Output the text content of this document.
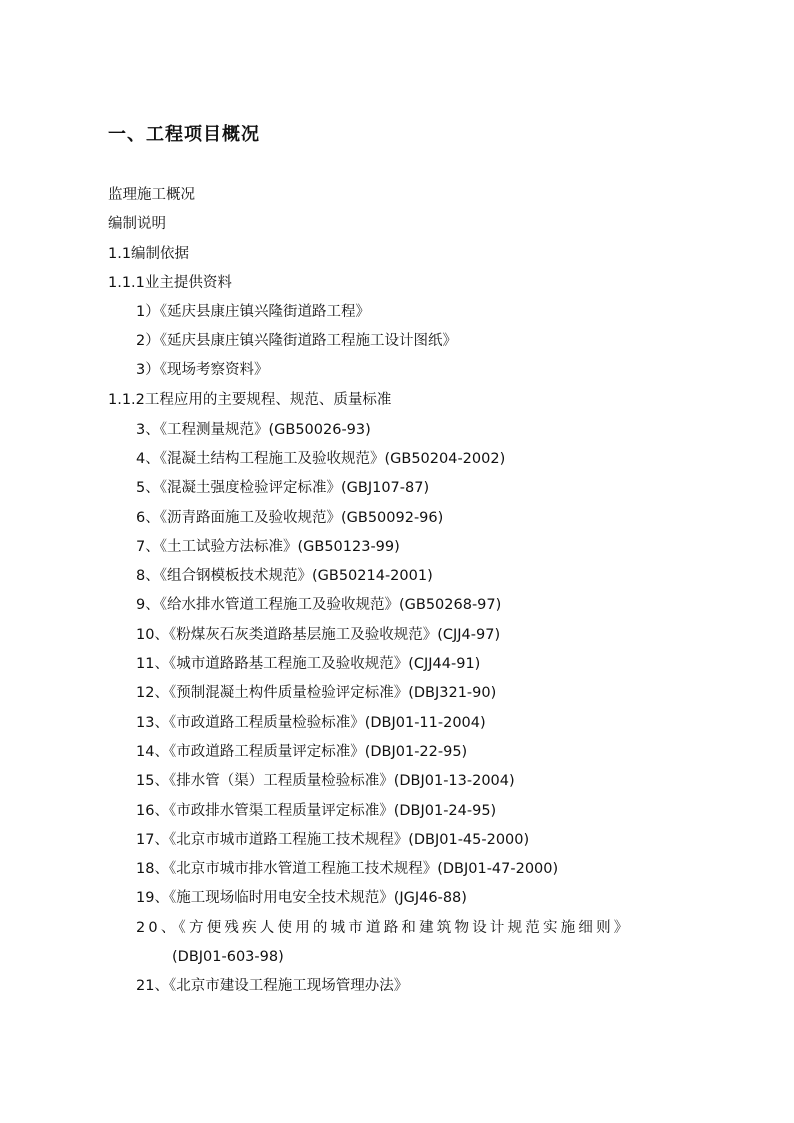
一、工程项目概况
监理施工概况
编制说明
1.1编制依据
1.1.1业主提供资料
1）《延庆县康庄镇兴隆街道路工程》
2）《延庆县康庄镇兴隆街道路工程施工设计图纸》
3）《现场考察资料》
1.1.2工程应用的主要规程、规范、质量标准
3、《工程测量规范》(GB50026-93)
4、《混凝土结构工程施工及验收规范》(GB50204-2002)
5、《混凝土强度检验评定标准》(GBJ107-87)
6、《沥青路面施工及验收规范》(GB50092-96)
7、《土工试验方法标准》(GB50123-99)
8、《组合钢模板技术规范》(GB50214-2001)
9、《给水排水管道工程施工及验收规范》(GB50268-97)
10、《粉煤灰石灰类道路基层施工及验收规范》(CJJ4-97)
11、《城市道路路基工程施工及验收规范》(CJJ44-91)
12、《预制混凝土构件质量检验评定标准》(DBJ321-90)
13、《市政道路工程质量检验标准》(DBJ01-11-2004)
14、《市政道路工程质量评定标准》(DBJ01-22-95)
15、《排水管（渠）工程质量检验标准》(DBJ01-13-2004)
16、《市政排水管渠工程质量评定标准》(DBJ01-24-95)
17、《北京市城市道路工程施工技术规程》(DBJ01-45-2000)
18、《北京市城市排水管道工程施工技术规程》(DBJ01-47-2000)
19、《施工现场临时用电安全技术规范》(JGJ46-88)
20、《方便残疾人使用的城市道路和建筑物设计规范实施细则》
(DBJ01-603-98)
21、《北京市建设工程施工现场管理办法》
